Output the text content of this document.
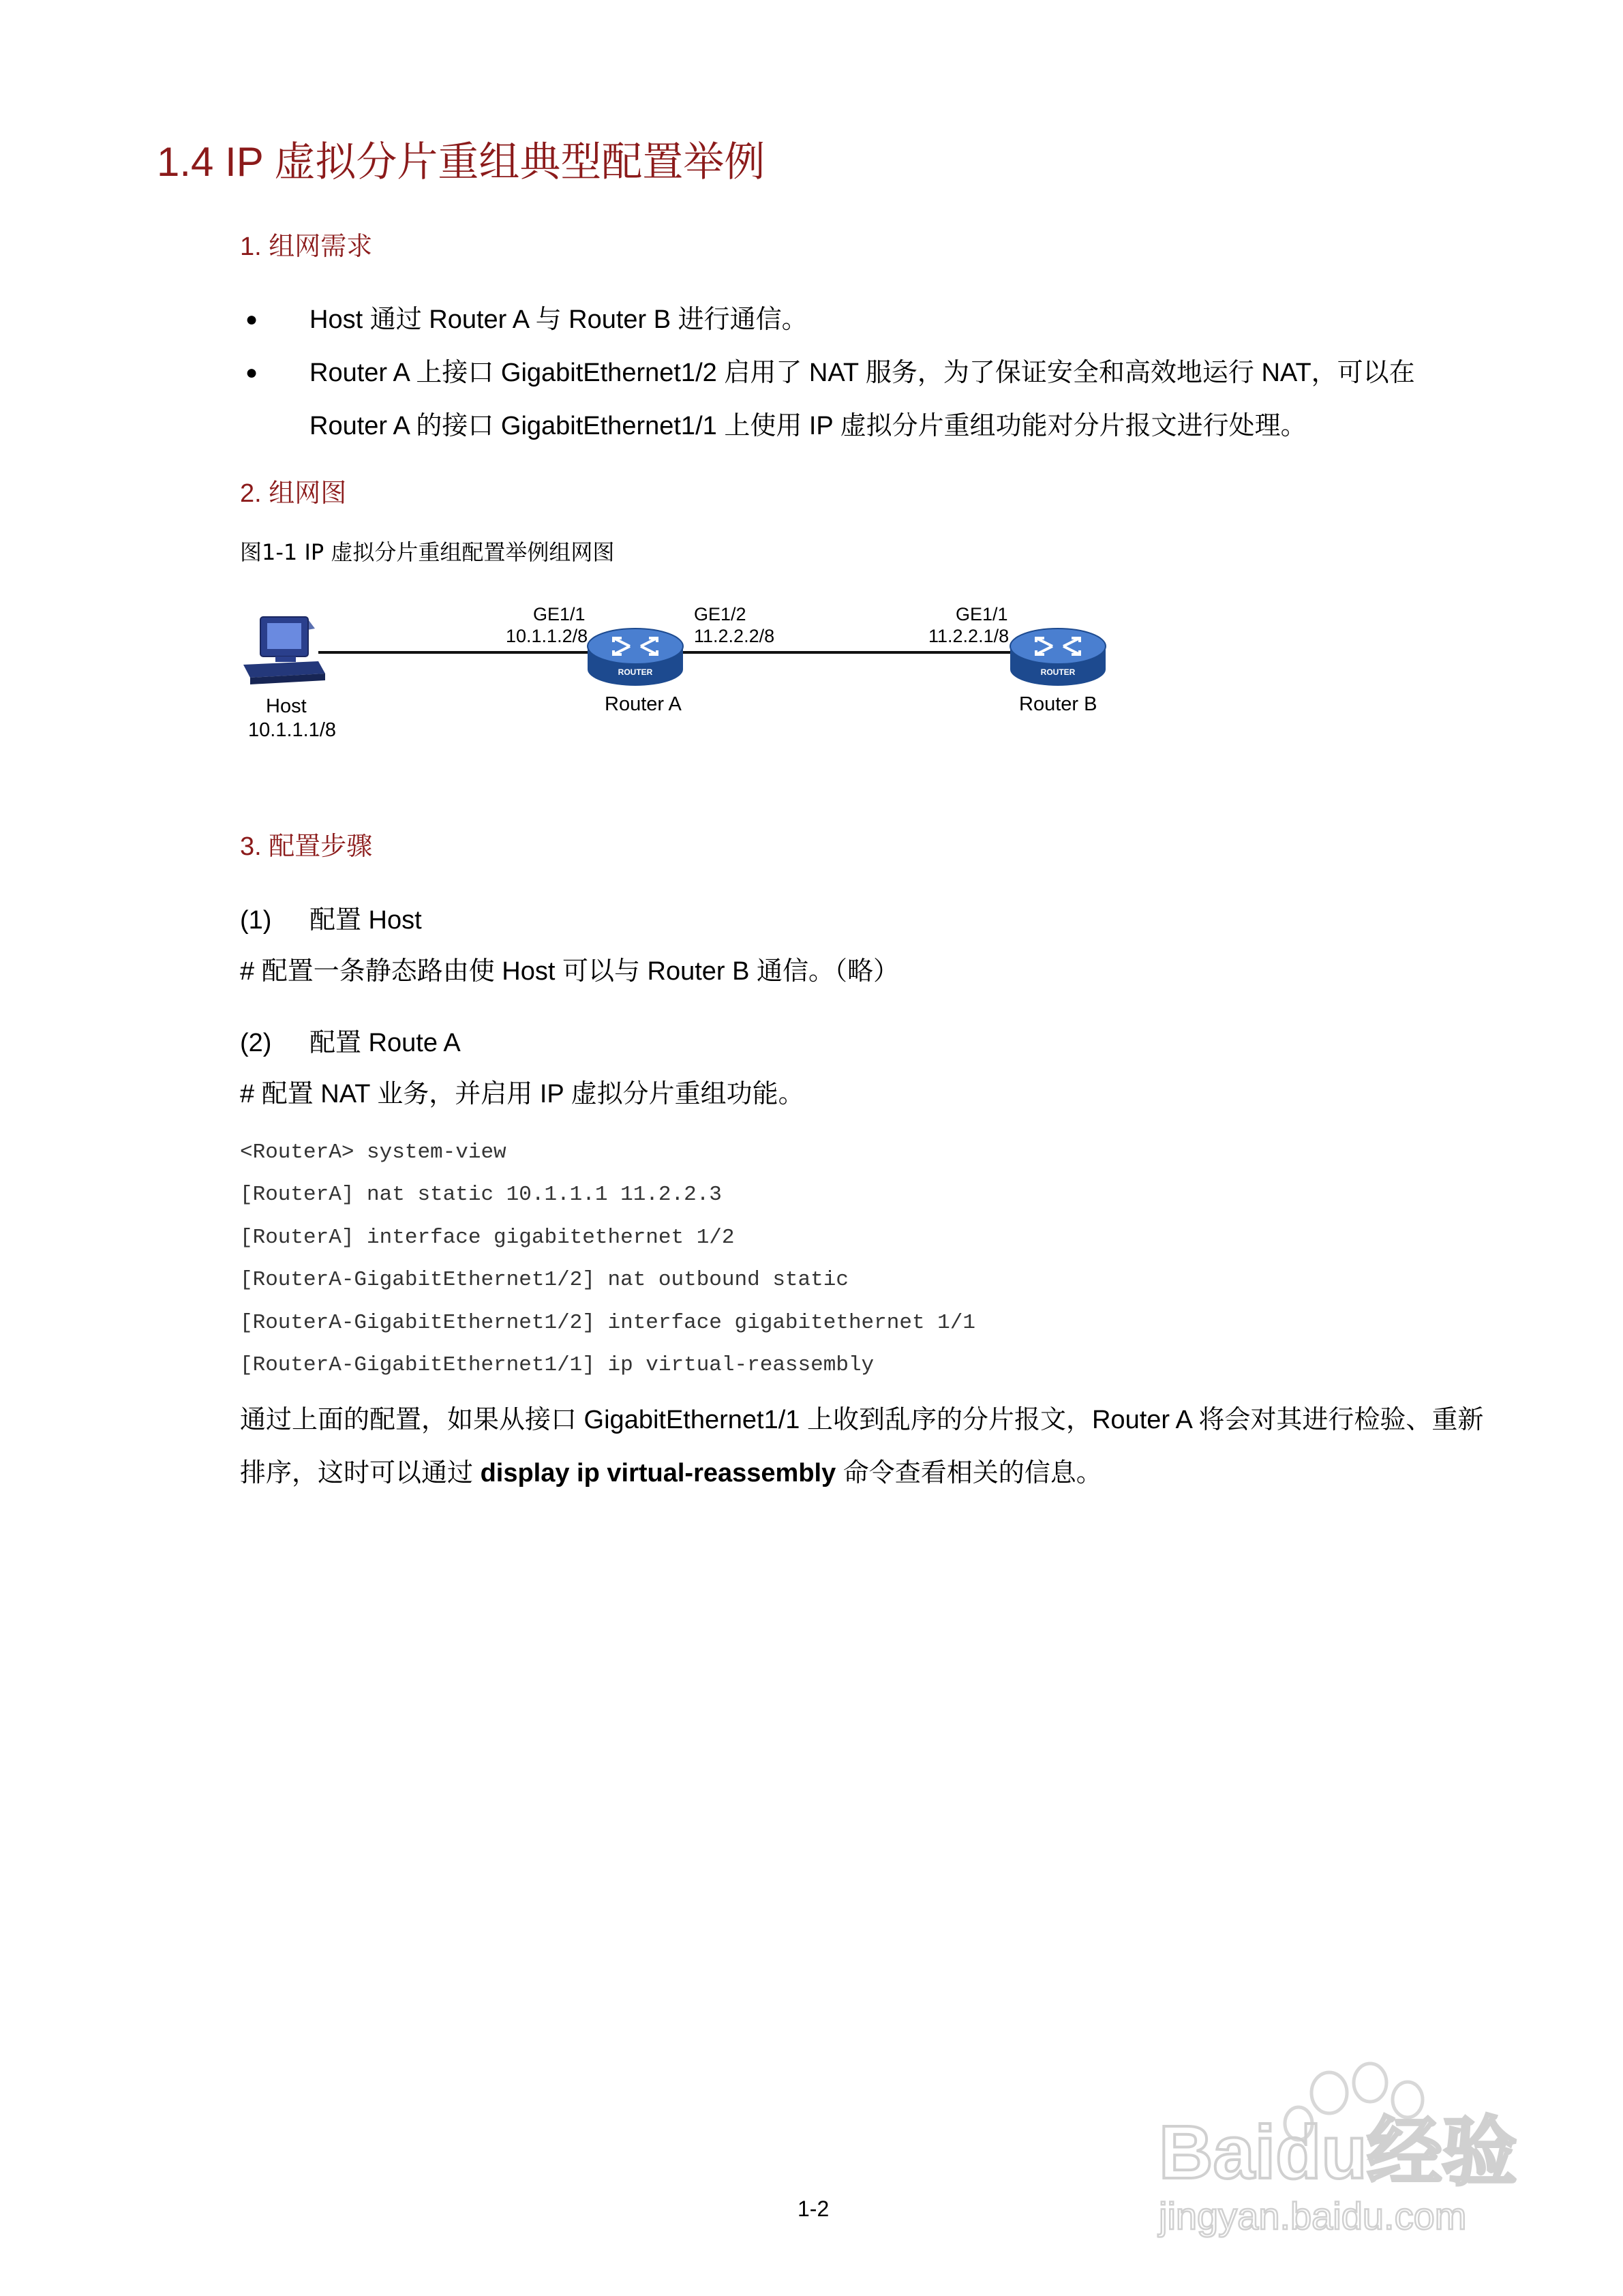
1.4 IP 虚拟分片重组典型配置举例
1. 组网需求
● Host 通过 Router A 与 Router B 进行通信。
● Router A 上接口 GigabitEthernet1/2 启用了 NAT 服务，为了保证安全和高效地运行 NAT，可以在 Router A 的接口 GigabitEthernet1/1 上使用 IP 虚拟分片重组功能对分片报文进行处理。
2. 组网图
图1-1 IP 虚拟分片重组配置举例组网图
Host
10.1.1.1/8
ROUTER
Router A
GE1/1
10.1.1.2/8
GE1/2
11.2.2.2/8
ROUTER
Router B
GE1/1
11.2.2.1/8
3. 配置步骤
(1) 配置 Host
# 配置一条静态路由使 Host 可以与 Router B 通信。（略）
(2) 配置 Route A
# 配置 NAT 业务，并启用 IP 虚拟分片重组功能。
<RouterA> system-view
[RouterA] nat static 10.1.1.1 11.2.2.3
[RouterA] interface gigabitethernet 1/2
[RouterA-GigabitEthernet1/2] nat outbound static
[RouterA-GigabitEthernet1/2] interface gigabitethernet 1/1
[RouterA-GigabitEthernet1/1] ip virtual-reassembly
通过上面的配置，如果从接口 GigabitEthernet1/1 上收到乱序的分片报文，Router A 将会对其进行检验、重新排序，这时可以通过 display ip virtual-reassembly 命令查看相关的信息。
Baidu经验
jingyan.baidu.com
1-2
